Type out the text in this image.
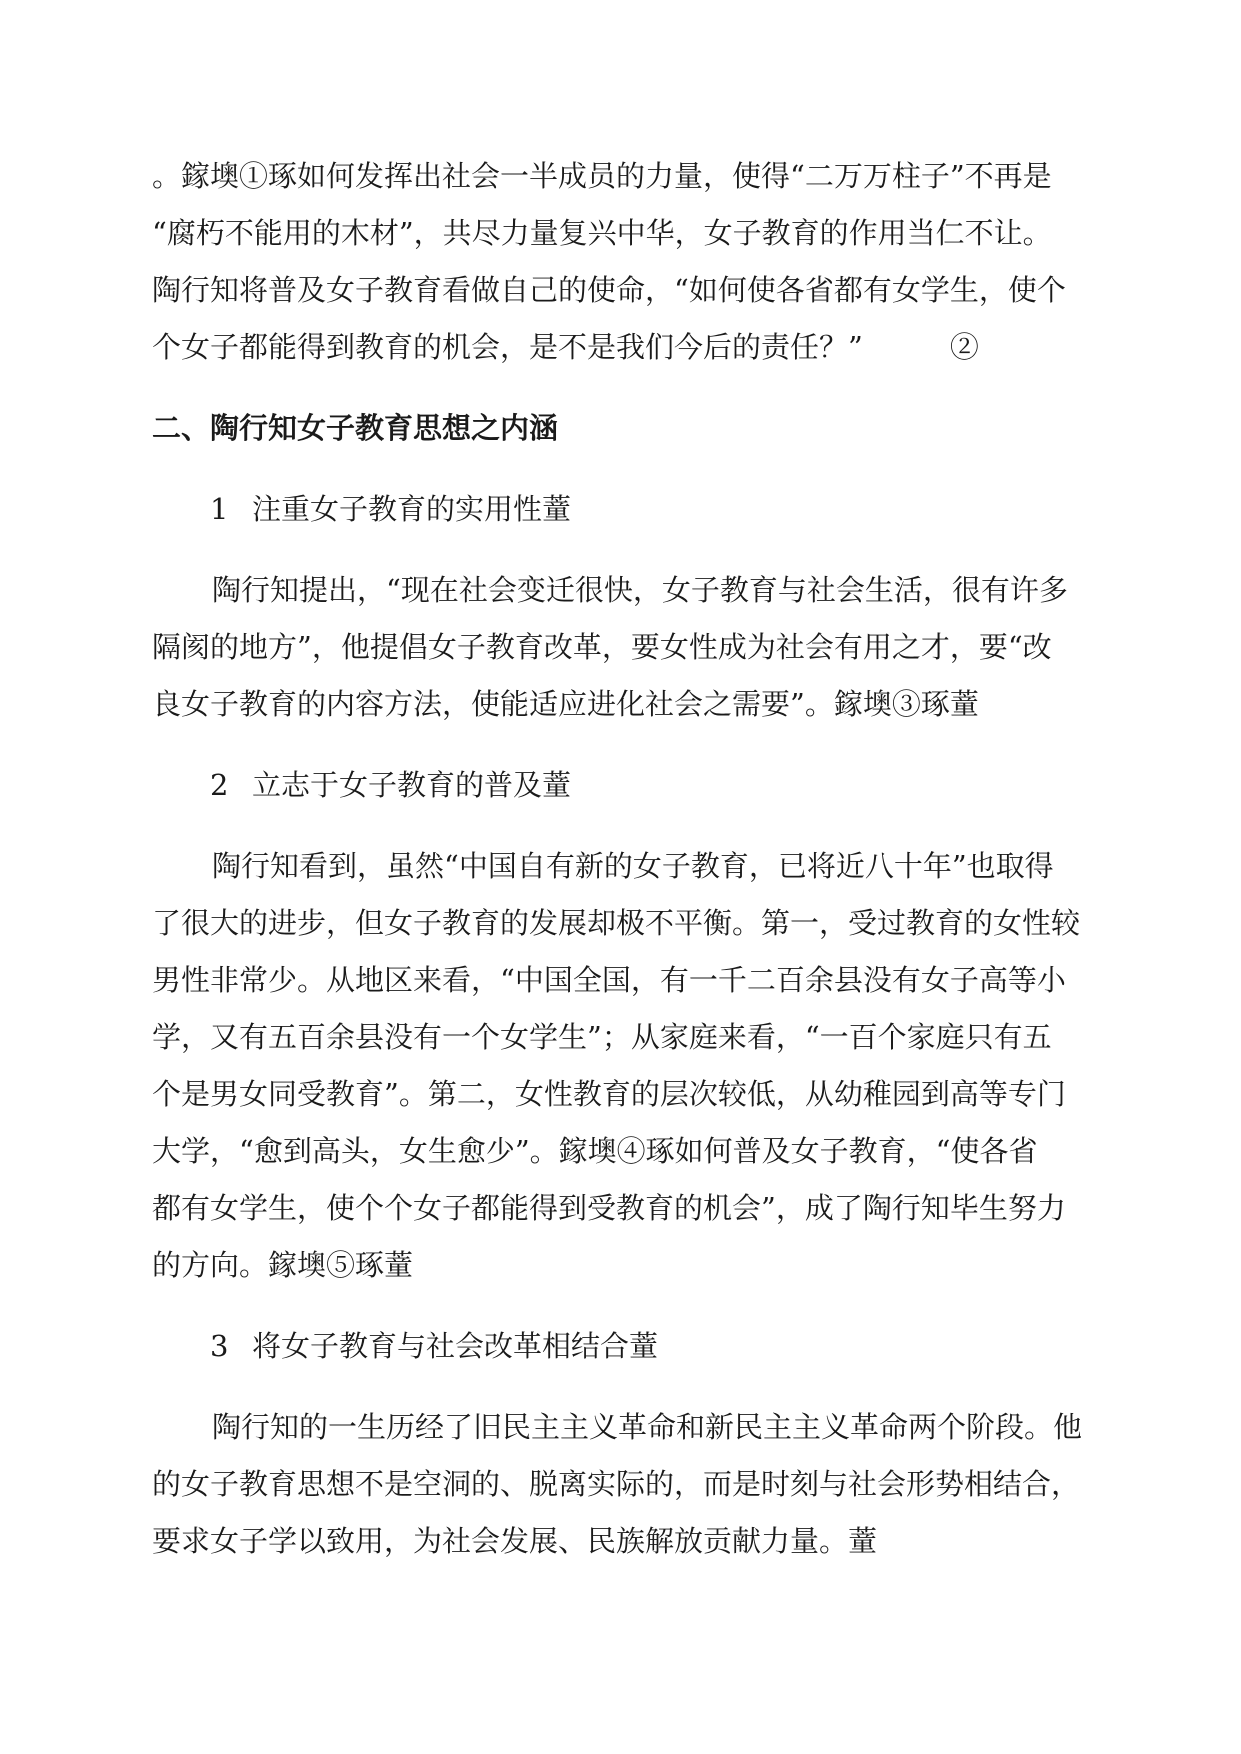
。鎵墺①琢如何发挥出社会一半成员的力量，使得“二万万柱子”不再是
“腐朽不能用的木材”，共尽力量复兴中华，女子教育的作用当仁不让。
陶行知将普及女子教育看做自己的使命，“如何使各省都有女学生，使个
个女子都能得到教育的机会，是不是我们今后的责任？”　　　②
二、陶行知女子教育思想之内涵
1 注重女子教育的实用性蕫
陶行知提出，“现在社会变迁很快，女子教育与社会生活，很有许多
隔阂的地方”，他提倡女子教育改革，要女性成为社会有用之才，要“改
良女子教育的内容方法，使能适应进化社会之需要”。鎵墺③琢蕫
2 立志于女子教育的普及蕫
陶行知看到，虽然“中国自有新的女子教育，已将近八十年”也取得
了很大的进步，但女子教育的发展却极不平衡。第一，受过教育的女性较
男性非常少。从地区来看，“中国全国，有一千二百余县没有女子高等小
学，又有五百余县没有一个女学生”；从家庭来看，“一百个家庭只有五
个是男女同受教育”。第二，女性教育的层次较低，从幼稚园到高等专门
大学，“愈到高头，女生愈少”。鎵墺④琢如何普及女子教育，“使各省
都有女学生，使个个女子都能得到受教育的机会”，成了陶行知毕生努力
的方向。鎵墺⑤琢蕫
3 将女子教育与社会改革相结合蕫
陶行知的一生历经了旧民主主义革命和新民主主义革命两个阶段。他
的女子教育思想不是空洞的、脱离实际的，而是时刻与社会形势相结合，
要求女子学以致用，为社会发展、民族解放贡献力量。蕫
